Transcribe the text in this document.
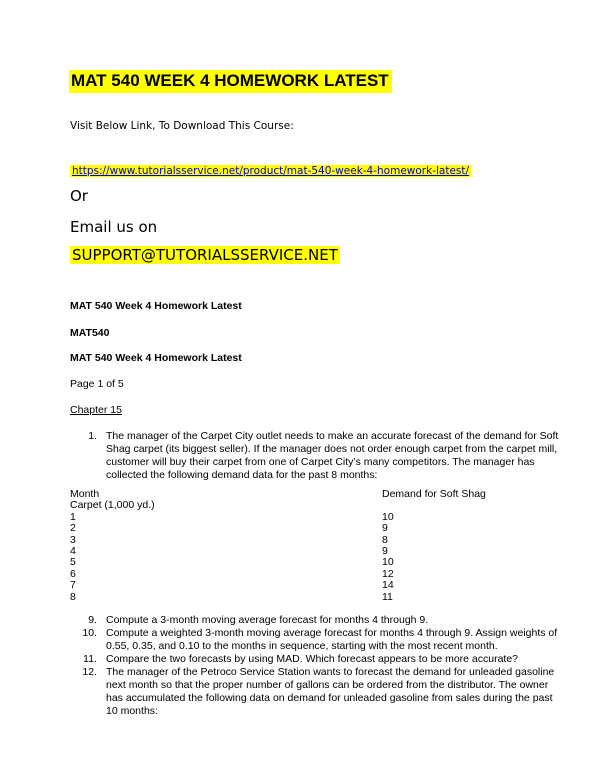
MAT 540 WEEK 4 HOMEWORK LATEST
Visit Below Link, To Download This Course:
https://www.tutorialsservice.net/product/mat-540-week-4-homework-latest/
Or
Email us on
SUPPORT@TUTORIALSSERVICE.NET
MAT 540 Week 4 Homework Latest
MAT540
MAT 540 Week 4 Homework Latest
Page 1 of 5
Chapter 15
1. The manager of the Carpet City outlet needs to make an accurate forecast of the demand for Soft
Shag carpet (its biggest seller). If the manager does not order enough carpet from the carpet mill,
customer will buy their carpet from one of Carpet City’s many competitors. The manager has
collected the following demand data for the past 8 months:
Month
Carpet (1,000 yd.)
1
2
3
4
5
6
7
8
Demand for Soft Shag
10
9
8
9
10
12
14
11
9. Compute a 3-month moving average forecast for months 4 through 9.
10. Compute a weighted 3-month moving average forecast for months 4 through 9. Assign weights of
0.55, 0.35, and 0.10 to the months in sequence, starting with the most recent month.
11. Compare the two forecasts by using MAD. Which forecast appears to be more accurate?
12. The manager of the Petroco Service Station wants to forecast the demand for unleaded gasoline
next month so that the proper number of gallons can be ordered from the distributor. The owner
has accumulated the following data on demand for unleaded gasoline from sales during the past
10 months:
